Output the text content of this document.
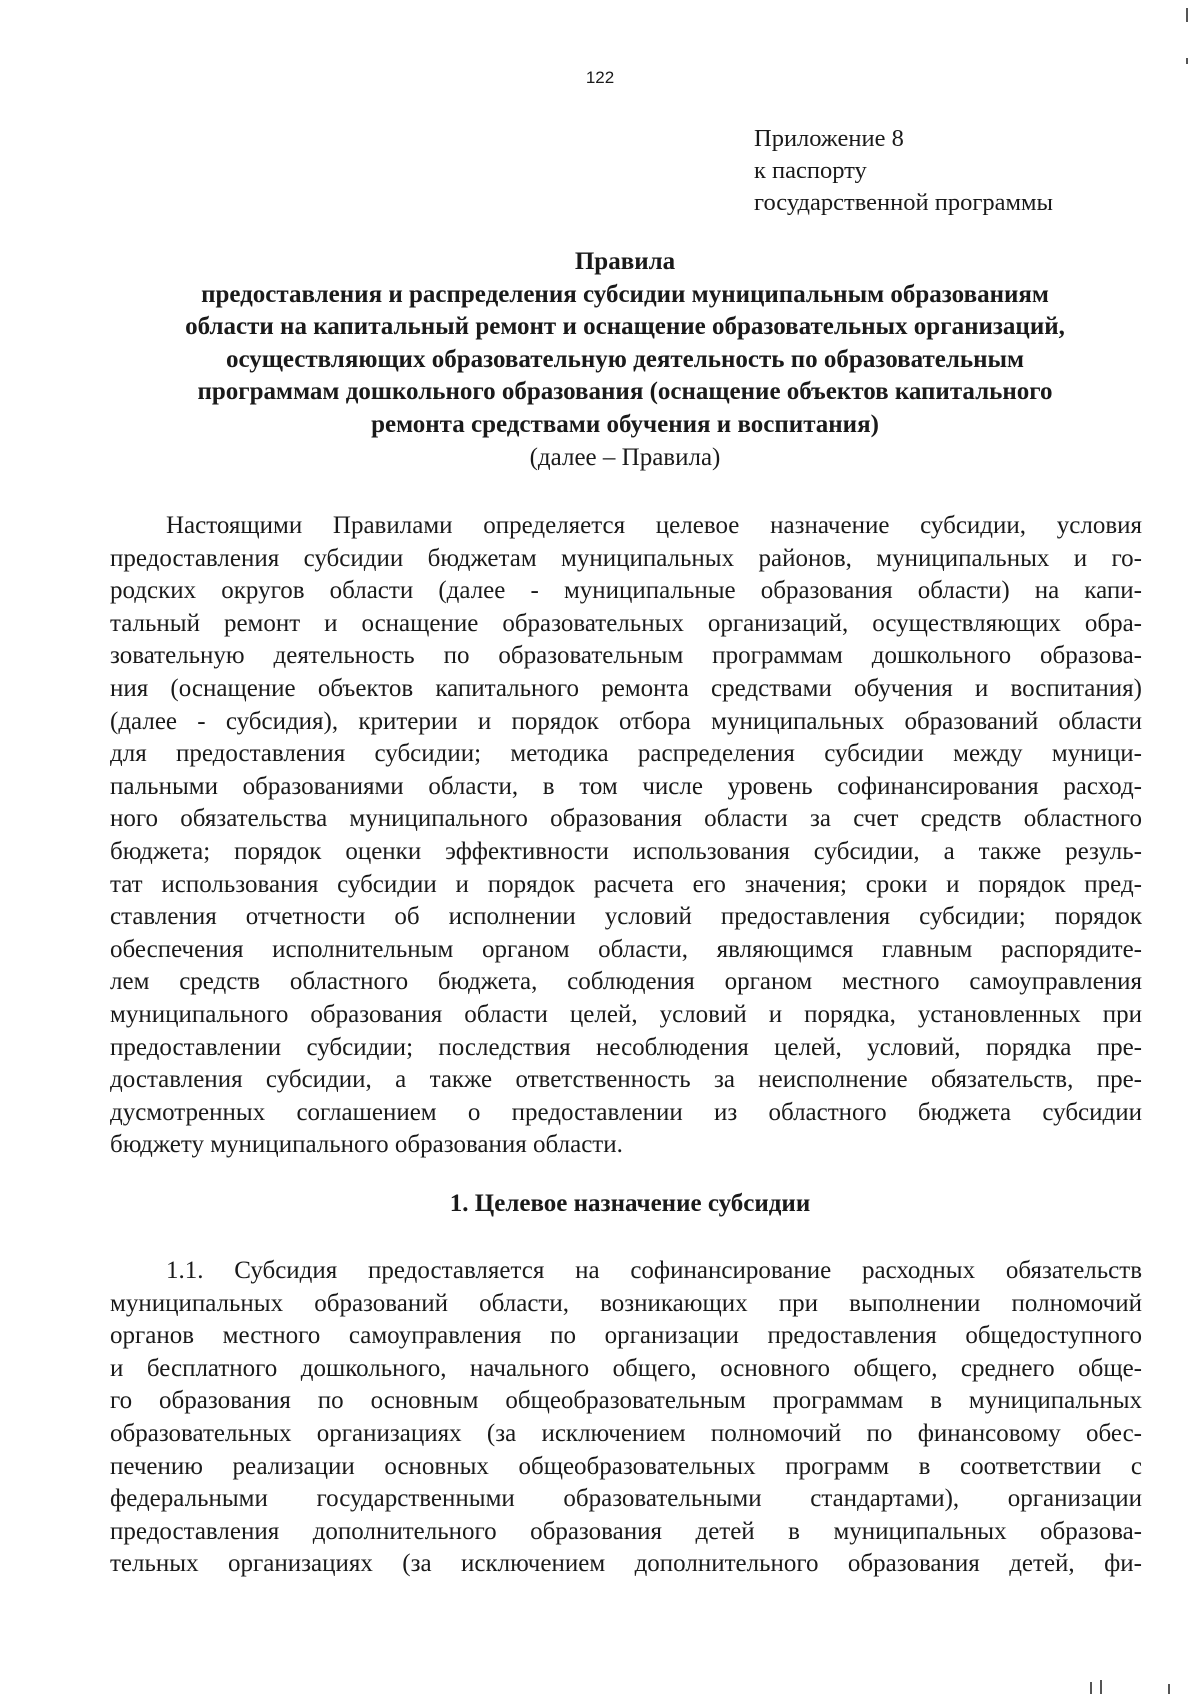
122
Приложение 8
к паспорту
государственной программы
Правила
предоставления и распределения субсидии муниципальным образованиям
области на капитальный ремонт и оснащение образовательных организаций,
осуществляющих образовательную деятельность по образовательным
программам дошкольного образования (оснащение объектов капитального
ремонта средствами обучения и воспитания)
(далее – Правила)
Настоящими Правилами определяется целевое назначение субсидии, условия
предоставления субсидии бюджетам муниципальных районов, муниципальных и го-
родских округов области (далее - муниципальные образования области) на капи-
тальный ремонт и оснащение образовательных организаций, осуществляющих обра-
зовательную деятельность по образовательным программам дошкольного образова-
ния (оснащение объектов капитального ремонта средствами обучения и воспитания)
(далее - субсидия), критерии и порядок отбора муниципальных образований области
для предоставления субсидии; методика распределения субсидии между муници-
пальными образованиями области, в том числе уровень софинансирования расход-
ного обязательства муниципального образования области за счет средств областного
бюджета; порядок оценки эффективности использования субсидии, а также резуль-
тат использования субсидии и порядок расчета его значения; сроки и порядок пред-
ставления отчетности об исполнении условий предоставления субсидии; порядок
обеспечения исполнительным органом области, являющимся главным распорядите-
лем средств областного бюджета, соблюдения органом местного самоуправления
муниципального образования области целей, условий и порядка, установленных при
предоставлении субсидии; последствия несоблюдения целей, условий, порядка пре-
доставления субсидии, а также ответственность за неисполнение обязательств, пре-
дусмотренных соглашением о предоставлении из областного бюджета субсидии
бюджету муниципального образования области.
1. Целевое назначение субсидии
1.1. Субсидия предоставляется на софинансирование расходных обязательств
муниципальных образований области, возникающих при выполнении полномочий
органов местного самоуправления по организации предоставления общедоступного
и бесплатного дошкольного, начального общего, основного общего, среднего обще-
го образования по основным общеобразовательным программам в муниципальных
образовательных организациях (за исключением полномочий по финансовому обес-
печению реализации основных общеобразовательных программ в соответствии с
федеральными государственными образовательными стандартами), организации
предоставления дополнительного образования детей в муниципальных образова-
тельных организациях (за исключением дополнительного образования детей, фи-
